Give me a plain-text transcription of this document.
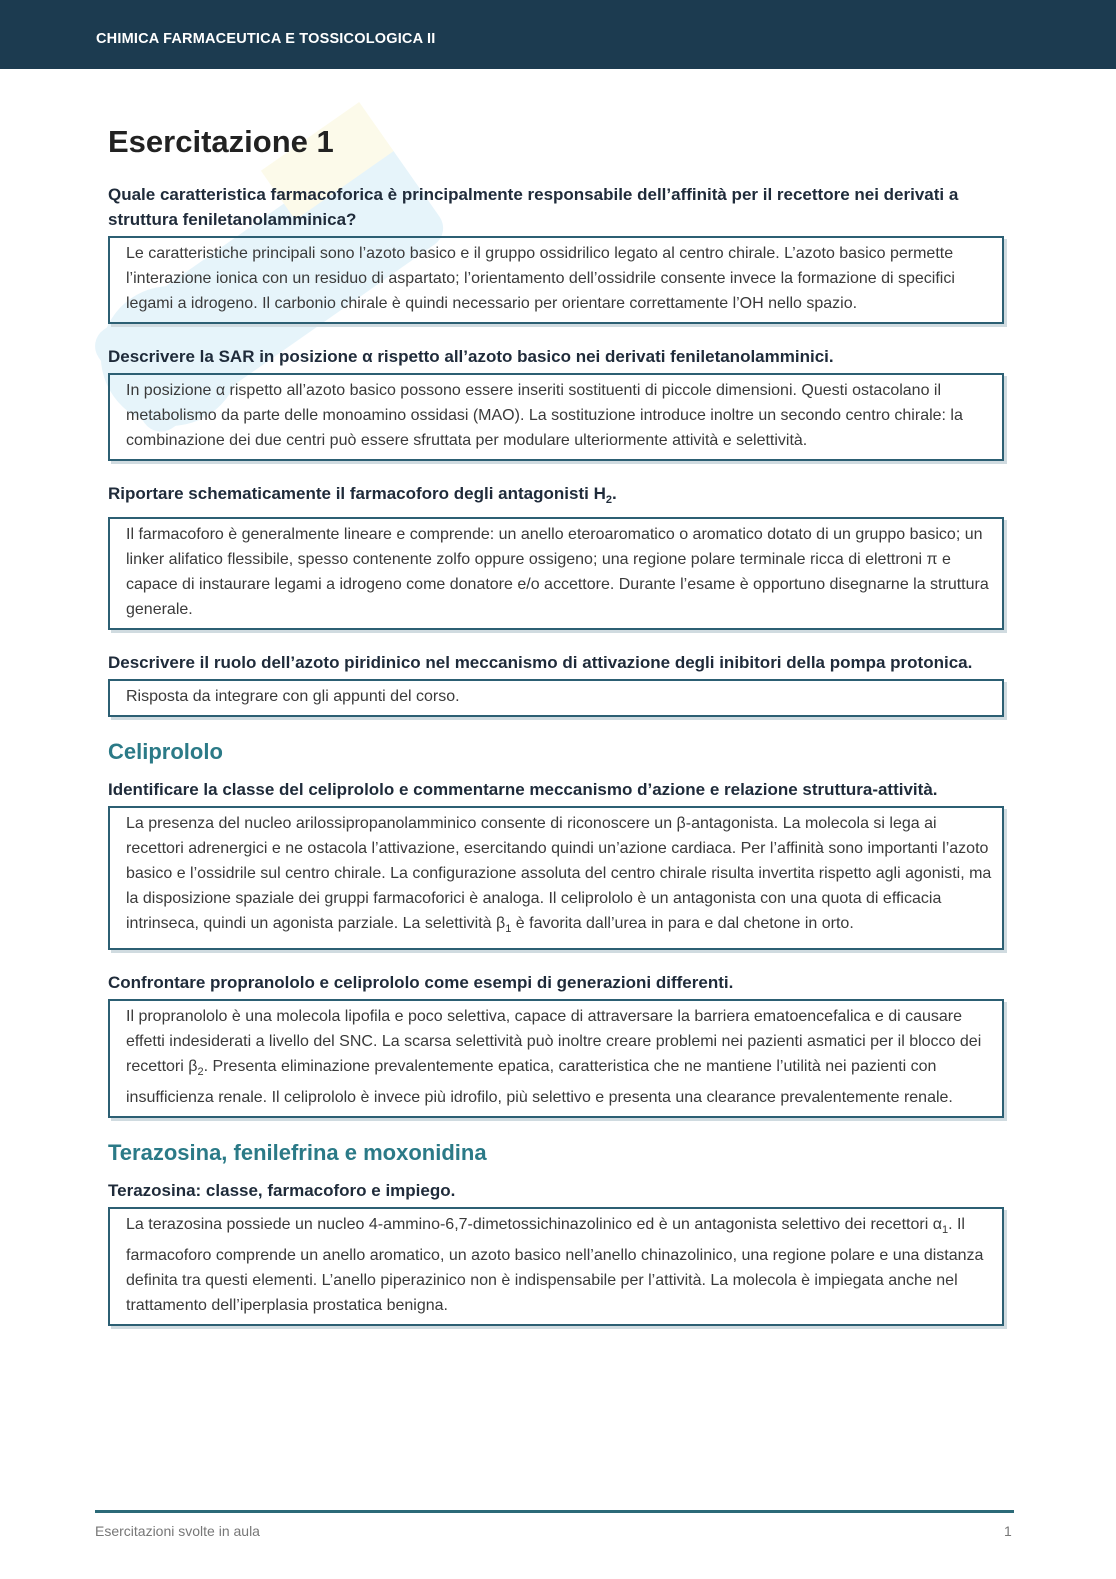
CHIMICA FARMACEUTICA E TOSSICOLOGICA II
Esercitazione 1
Quale caratteristica farmacoforica è principalmente responsabile dell’affinità per il recettore nei derivati a struttura feniletanolamminica?
Le caratteristiche principali sono l’azoto basico e il gruppo ossidrilico legato al centro chirale. L’azoto basico permette l’interazione ionica con un residuo di aspartato; l’orientamento dell’ossidrile consente invece la formazione di specifici legami a idrogeno. Il carbonio chirale è quindi necessario per orientare correttamente l’OH nello spazio.
Descrivere la SAR in posizione α rispetto all’azoto basico nei derivati feniletanolamminici.
In posizione α rispetto all’azoto basico possono essere inseriti sostituenti di piccole dimensioni. Questi ostacolano il metabolismo da parte delle monoamino ossidasi (MAO). La sostituzione introduce inoltre un secondo centro chirale: la combinazione dei due centri può essere sfruttata per modulare ulteriormente attività e selettività.
Riportare schematicamente il farmacoforo degli antagonisti $H_2$.
Il farmacoforo è generalmente lineare e comprende: un anello eteroaromatico o aromatico dotato di un gruppo basico; un linker alifatico flessibile, spesso contenente zolfo oppure ossigeno; una regione polare terminale ricca di elettroni π e capace di instaurare legami a idrogeno come donatore e/o accettore. Durante l’esame è opportuno disegnarne la struttura generale.
Descrivere il ruolo dell’azoto piridinico nel meccanismo di attivazione degli inibitori della pompa protonica.
Risposta da integrare con gli appunti del corso.
Celiprololo
Identificare la classe del celiprololo e commentarne meccanismo d’azione e relazione struttura-attività.
La presenza del nucleo arilossipropanolamminico consente di riconoscere un β-antagonista. La molecola si lega ai recettori adrenergici e ne ostacola l’attivazione, esercitando quindi un’azione cardiaca. Per l’affinità sono importanti l’azoto basico e l’ossidrile sul centro chirale. La configurazione assoluta del centro chirale risulta invertita rispetto agli agonisti, ma la disposizione spaziale dei gruppi farmacoforici è analoga. Il celiprololo è un antagonista con una quota di efficacia intrinseca, quindi un agonista parziale. La selettività $\beta_1$ è favorita dall’urea in para e dal chetone in orto.
Confrontare propranololo e celiprololo come esempi di generazioni differenti.
Il propranololo è una molecola lipofila e poco selettiva, capace di attraversare la barriera ematoencefalica e di causare effetti indesiderati a livello del SNC. La scarsa selettività può inoltre creare problemi nei pazienti asmatici per il blocco dei recettori $\beta_2$. Presenta eliminazione prevalentemente epatica, caratteristica che ne mantiene l’utilità nei pazienti con insufficienza renale. Il celiprololo è invece più idrofilo, più selettivo e presenta una clearance prevalentemente renale.
Terazosina, fenilefrina e moxonidina
Terazosina: classe, farmacoforo e impiego.
La terazosina possiede un nucleo 4-ammino-6,7-dimetossichinazolinico ed è un antagonista selettivo dei recettori $\alpha_1$. Il farmacoforo comprende un anello aromatico, un azoto basico nell’anello chinazolinico, una regione polare e una distanza definita tra questi elementi. L’anello piperazinico non è indispensabile per l’attività. La molecola è impiegata anche nel trattamento dell’iperplasia prostatica benigna.
Esercitazioni svolte in aula	1
